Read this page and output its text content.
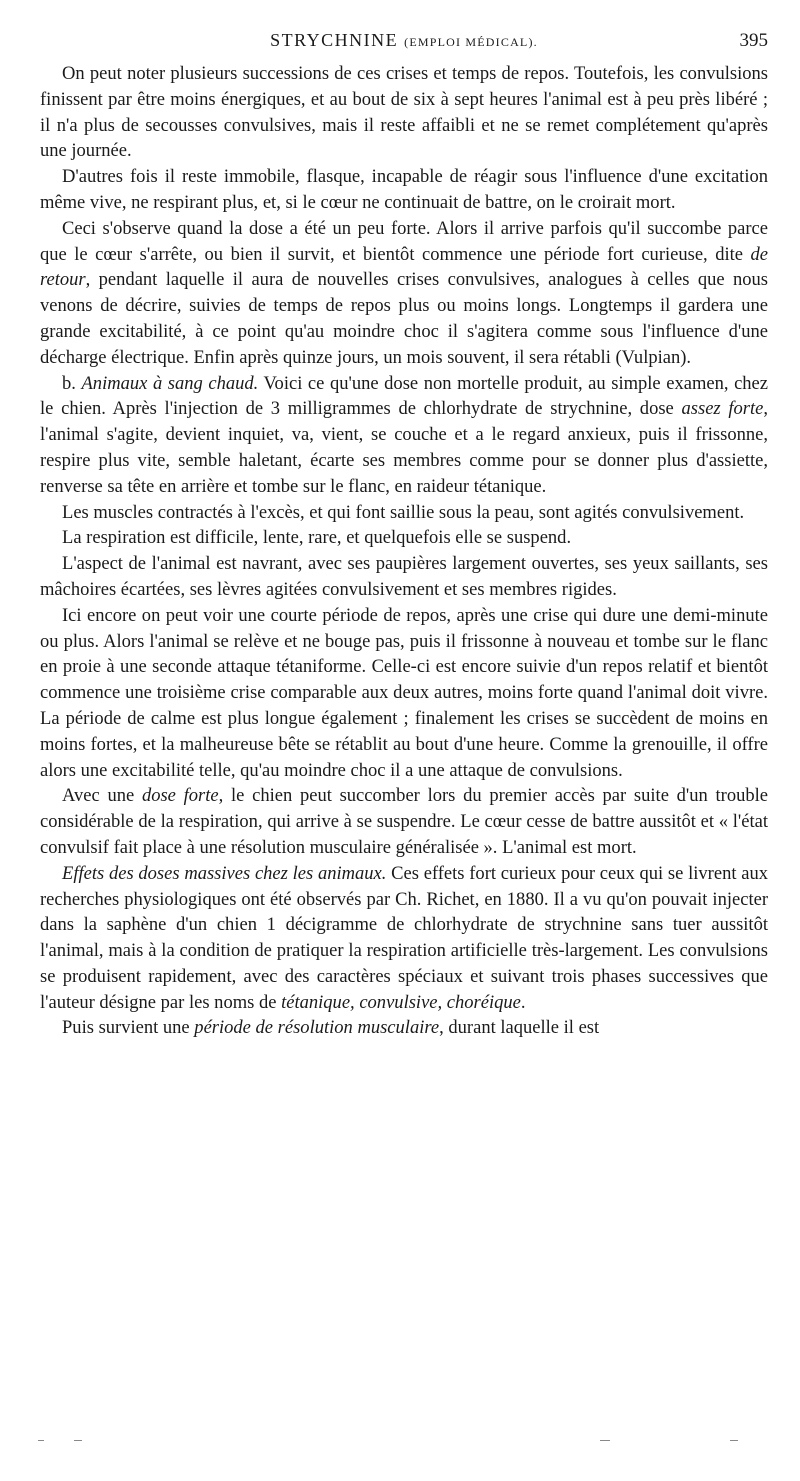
STRYCHNINE (EMPLOI MÉDICAL).	395

On peut noter plusieurs successions de ces crises et temps de repos. Toutefois, les convulsions finissent par être moins énergiques, et au bout de six à sept heures l'animal est à peu près libéré ; il n'a plus de secousses convulsives, mais il reste affaibli et ne se remet complétement qu'après une journée.

D'autres fois il reste immobile, flasque, incapable de réagir sous l'influence d'une excitation même vive, ne respirant plus, et, si le cœur ne continuait de battre, on le croirait mort.

Ceci s'observe quand la dose a été un peu forte. Alors il arrive parfois qu'il succombe parce que le cœur s'arrête, ou bien il survit, et bientôt commence une période fort curieuse, dite de retour, pendant laquelle il aura de nouvelles crises convulsives, analogues à celles que nous venons de décrire, suivies de temps de repos plus ou moins longs. Longtemps il gardera une grande excitabilité, à ce point qu'au moindre choc il s'agitera comme sous l'influence d'une décharge électrique. Enfin après quinze jours, un mois souvent, il sera rétabli (Vulpian).

b. Animaux à sang chaud. Voici ce qu'une dose non mortelle produit, au simple examen, chez le chien. Après l'injection de 3 milligrammes de chlorhydrate de strychnine, dose assez forte, l'animal s'agite, devient inquiet, va, vient, se couche et a le regard anxieux, puis il frissonne, respire plus vite, semble haletant, écarte ses membres comme pour se donner plus d'assiette, renverse sa tête en arrière et tombe sur le flanc, en raideur tétanique.

Les muscles contractés à l'excès, et qui font saillie sous la peau, sont agités convulsivement.

La respiration est difficile, lente, rare, et quelquefois elle se suspend.

L'aspect de l'animal est navrant, avec ses paupières largement ouvertes, ses yeux saillants, ses mâchoires écartées, ses lèvres agitées convulsivement et ses membres rigides.

Ici encore on peut voir une courte période de repos, après une crise qui dure une demi-minute ou plus. Alors l'animal se relève et ne bouge pas, puis il frissonne à nouveau et tombe sur le flanc en proie à une seconde attaque tétaniforme. Celle-ci est encore suivie d'un repos relatif et bientôt commence une troisième crise comparable aux deux autres, moins forte quand l'animal doit vivre. La période de calme est plus longue également ; finalement les crises se succèdent de moins en moins fortes, et la malheureuse bête se rétablit au bout d'une heure. Comme la grenouille, il offre alors une excitabilité telle, qu'au moindre choc il a une attaque de convulsions.

Avec une dose forte, le chien peut succomber lors du premier accès par suite d'un trouble considérable de la respiration, qui arrive à se suspendre. Le cœur cesse de battre aussitôt et « l'état convulsif fait place à une résolution musculaire généralisée ». L'animal est mort.

Effets des doses massives chez les animaux. Ces effets fort curieux pour ceux qui se livrent aux recherches physiologiques ont été observés par Ch. Richet, en 1880. Il a vu qu'on pouvait injecter dans la saphène d'un chien 1 décigramme de chlorhydrate de strychnine sans tuer aussitôt l'animal, mais à la condition de pratiquer la respiration artificielle très-largement. Les convulsions se produisent rapidement, avec des caractères spéciaux et suivant trois phases successives que l'auteur désigne par les noms de tétanique, convulsive, choréique.

Puis survient une période de résolution musculaire, durant laquelle il est
